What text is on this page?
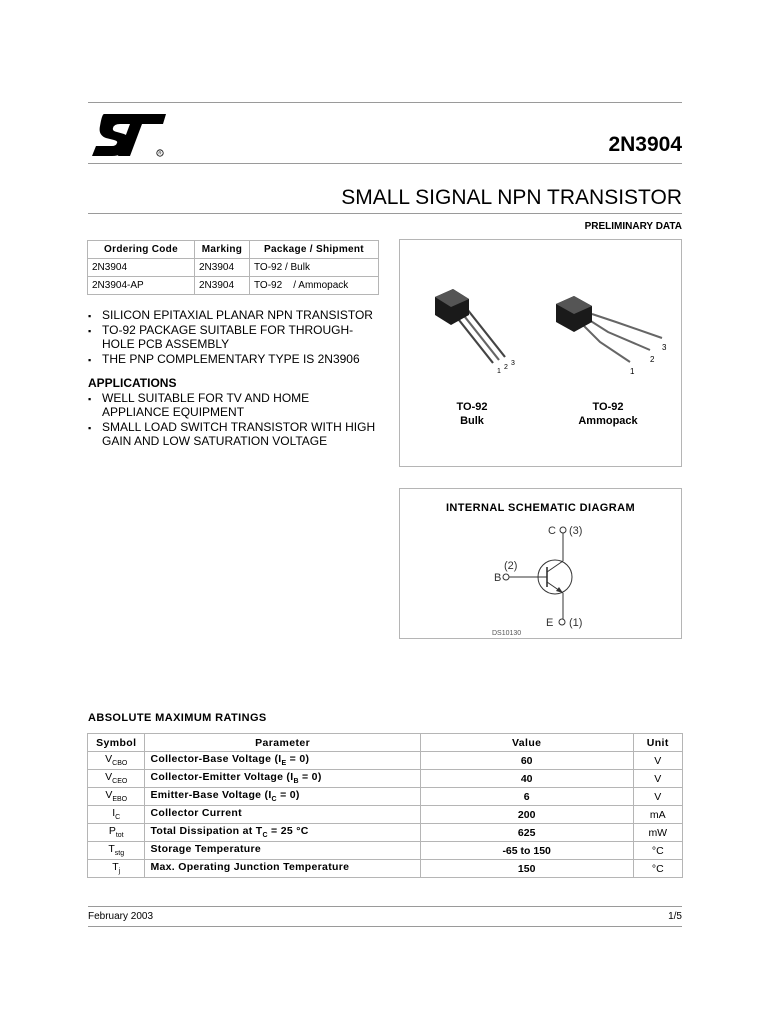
R	2N3904
SMALL SIGNAL NPN TRANSISTOR
PRELIMINARY DATA
Ordering Code	Marking	Package / Shipment
2N3904	2N3904	TO-92 / Bulk
2N3904-AP	2N3904	TO-92    / Ammopack
▪ SILICON EPITAXIAL PLANAR NPN TRANSISTOR
▪ TO-92 PACKAGE SUITABLE FOR THROUGH-HOLE PCB ASSEMBLY
▪ THE PNP COMPLEMENTARY TYPE IS 2N3906
APPLICATIONS
▪ WELL SUITABLE FOR TV AND HOME APPLIANCE EQUIPMENT
▪ SMALL LOAD SWITCH TRANSISTOR WITH HIGH GAIN AND LOW SATURATION VOLTAGE
1
2
3
1
2
3
TO-92
Bulk
TO-92
Ammopack
INTERNAL SCHEMATIC DIAGRAM
C (3)
(2)
B
E (1)
DS10130
ABSOLUTE MAXIMUM RATINGS
Symbol	Parameter	Value	Unit
$V_{CBO}$	Collector-Base Voltage $(I_E = 0)$	60	V
$V_{CEO}$	Collector-Emitter Voltage $(I_B = 0)$	40	V
$V_{EBO}$	Emitter-Base Voltage $(I_C = 0)$	6	V
$I_C$	Collector Current	200	mA
$P_{tot}$	Total Dissipation at $T_C = 25$ °C	625	mW
$T_{stg}$	Storage Temperature	-65 to 150	°C
$T_j$	Max. Operating Junction Temperature	150	°C
February 2003	1/5
